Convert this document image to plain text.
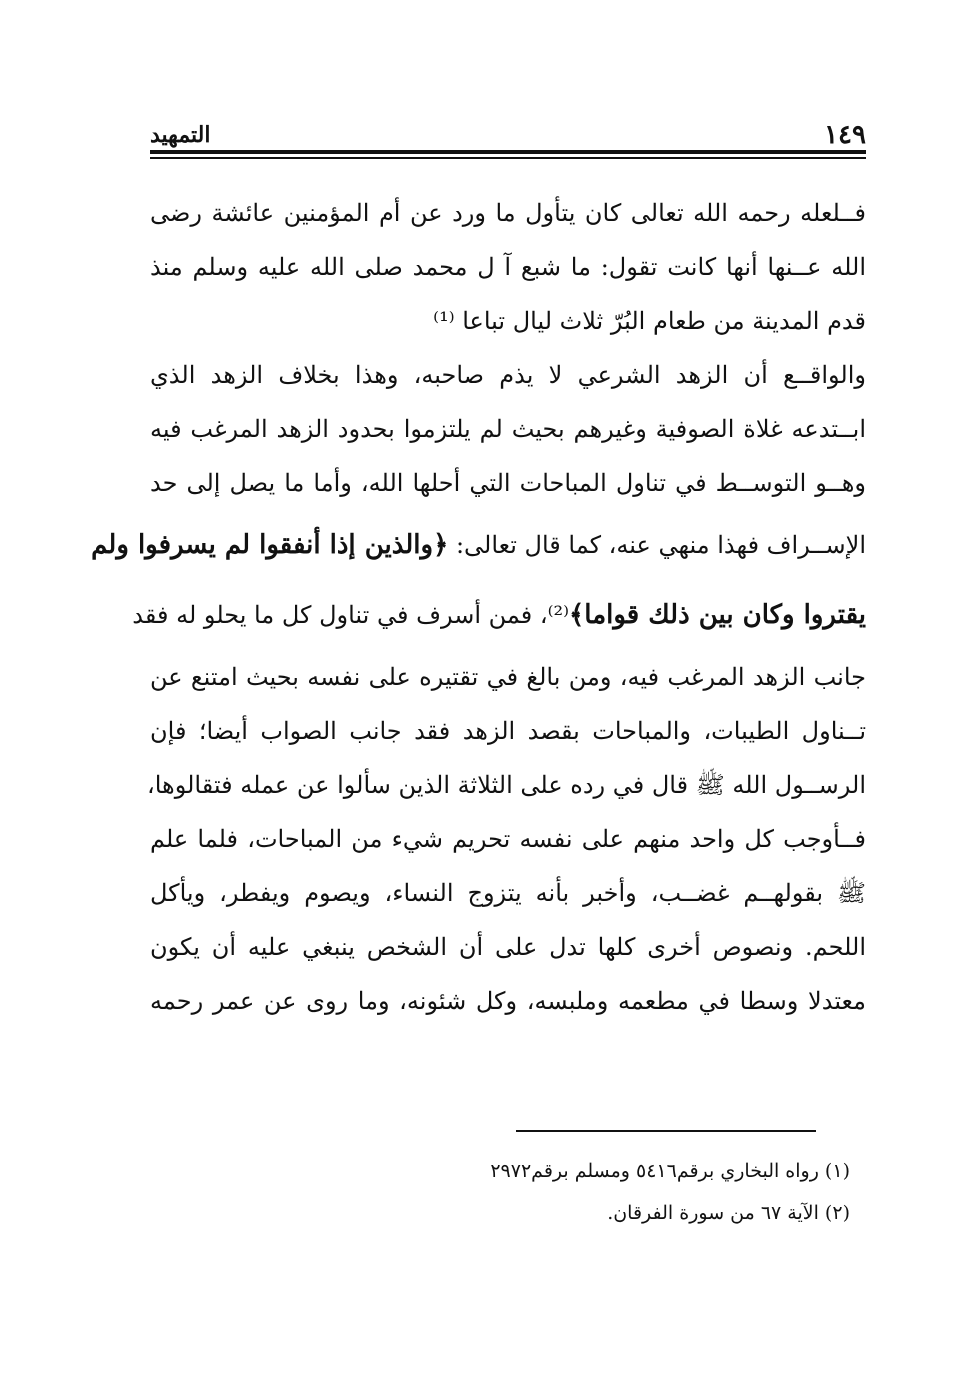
١٤٩
التمهيد
فــلعله رحمه الله تعالى كان يتأول ما ورد عن أم المؤمنين عائشة رضى
الله عــنها أنها كانت تقول: ما شبع آ ل محمد صلى الله عليه وسلم منذ
قدم المدينة من طعام البُرّ ثلاث ليال تباعا ⁽¹⁾
والواقــع أن الزهد الشرعي لا يذم صاحبه، وهذا بخلاف الزهد الذي
ابــتدعه غلاة الصوفية وغيرهم بحيث لم يلتزموا بحدود الزهد المرغب فيه
وهــو التوســط في تناول المباحات التي أحلها الله، وأما ما يصل إلى حد
الإســراف فهذا منهي عنه، كما قال تعالى: ﴿والذين إذا أنفقوا لم يسرفوا ولم
يقتروا وكان بين ذلك قواما﴾⁽²⁾، فمن أسرف في تناول كل ما يحلو له فقد
جانب الزهد المرغب فيه، ومن بالغ في تقتيره على نفسه بحيث امتنع عن
تــناول الطيبات، والمباحات بقصد الزهد فقد جانب الصواب أيضا؛ فإن
الرســول الله ﷺ قال في رده على الثلاثة الذين سألوا عن عمله فتقالوها،
فــأوجب كل واحد منهم على نفسه تحريم شيء من المباحات، فلما علم
ﷺ بقولهــم غضــب، وأخبر بأنه يتزوج النساء، ويصوم ويفطر، ويأكل
اللحم. ونصوص أخرى كلها تدل على أن الشخص ينبغي عليه أن يكون
معتدلا وسطا في مطعمه وملبسه، وكل شئونه، وما روى عن عمر رحمه
(١) رواه البخاري برقم٥٤١٦ ومسلم برقم٢٩٧٢
(٢) الآية ٦٧ من سورة الفرقان.
